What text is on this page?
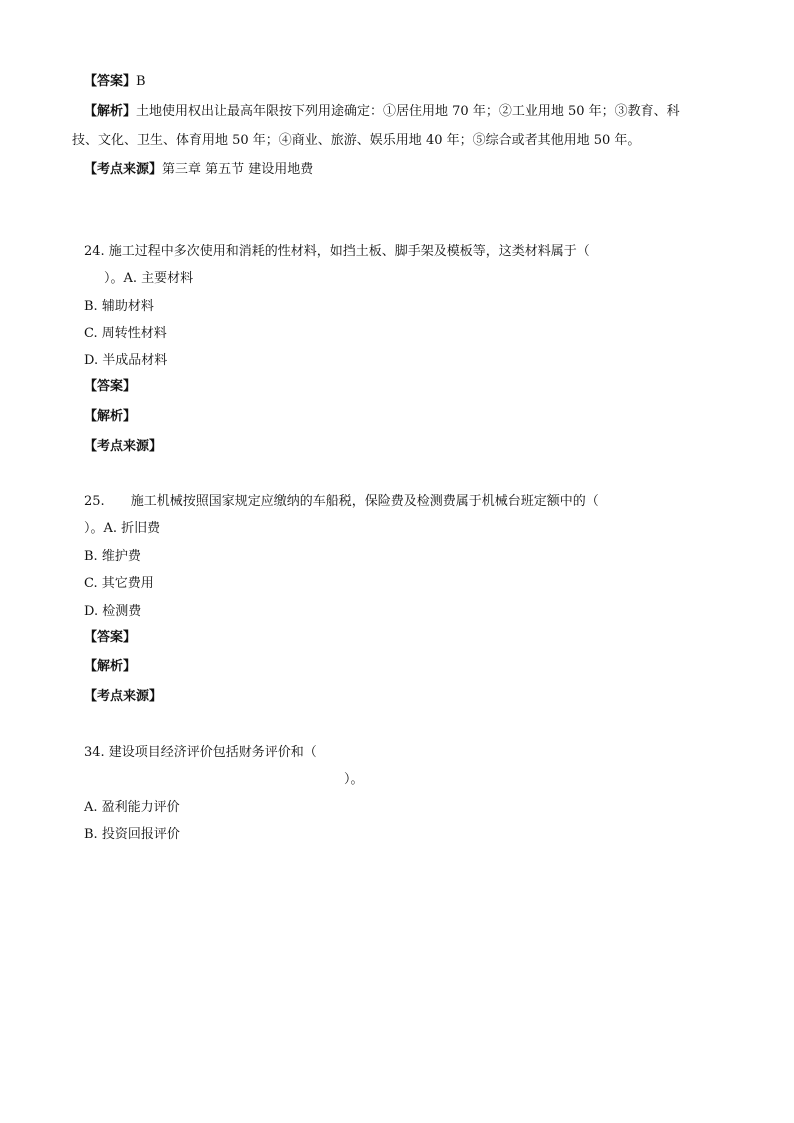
【答案】B
【解析】土地使用权出让最高年限按下列用途确定：①居住用地 70 年；②工业用地 50 年；③教育、科
技、文化、卫生、体育用地 50 年；④商业、旅游、娱乐用地 40 年；⑤综合或者其他用地 50 年。
【考点来源】第三章 第五节 建设用地费
24. 施工过程中多次使用和消耗的性材料，如挡土板、脚手架及模板等，这类材料属于（
）。A. 主要材料
B. 辅助材料
C. 周转性材料
D. 半成品材料
【答案】
【解析】
【考点来源】
25. 施工机械按照国家规定应缴纳的车船税，保险费及检测费属于机械台班定额中的（
）。A. 折旧费
B. 维护费
C. 其它费用
D. 检测费
【答案】
【解析】
【考点来源】
34. 建设项目经济评价包括财务评价和（
）。
A. 盈利能力评价
B. 投资回报评价
